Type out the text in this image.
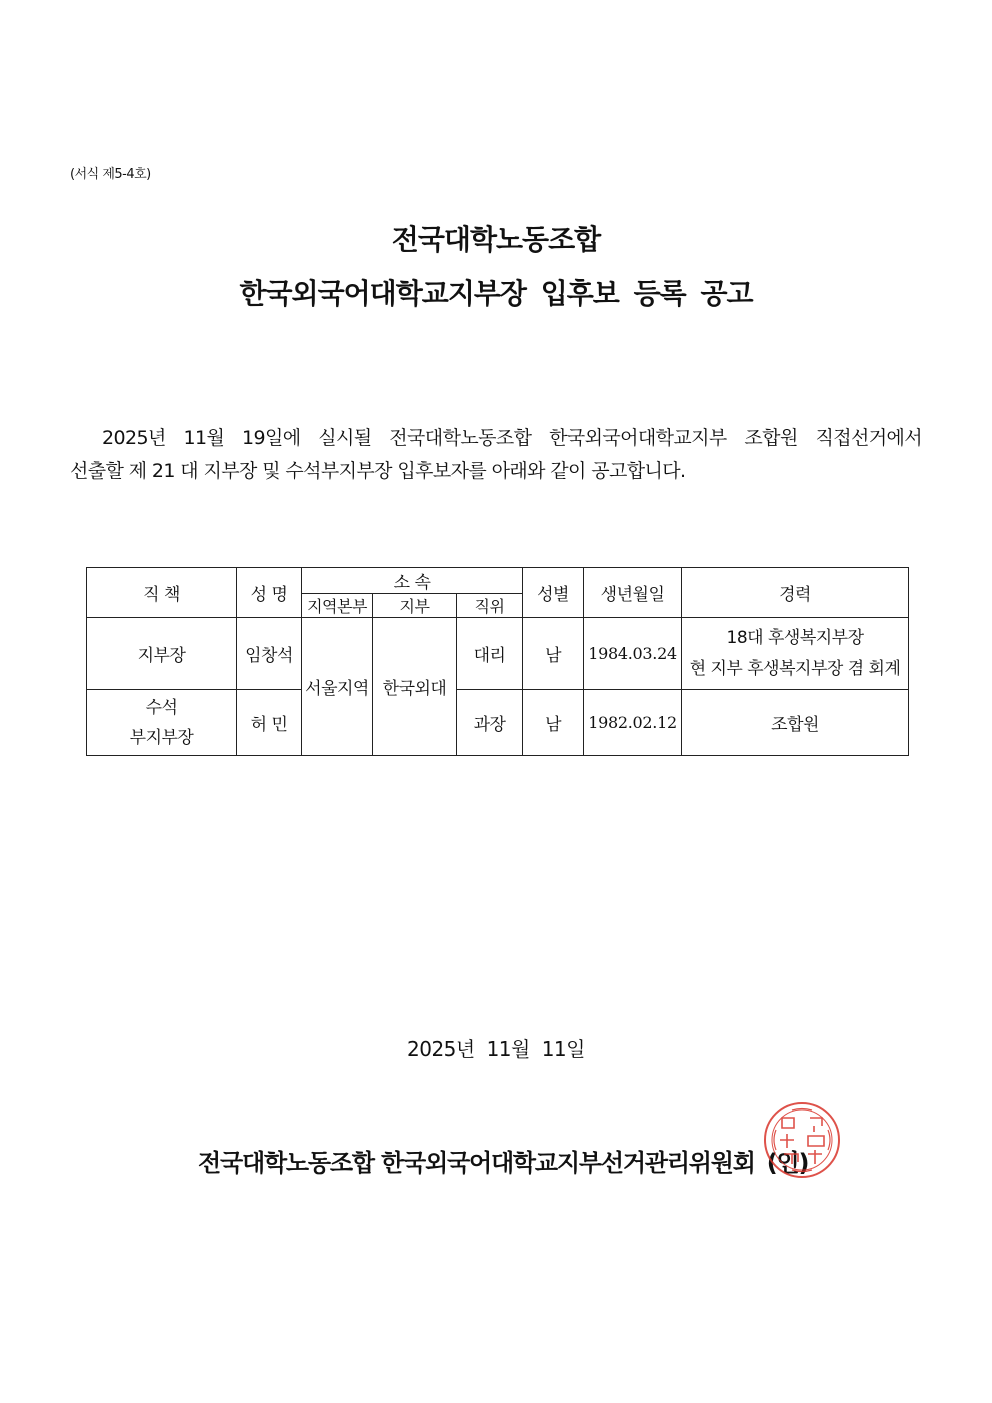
(서식 제5-4호)
전국대학노동조합
한국외국어대학교지부장 입후보 등록 공고

2025년 11월 19일에 실시될 전국대학노동조합 한국외국어대학교지부 조합원 직접선거에서

선출할 제 21 대 지부장 및 수석부지부장 입후보자를 아래와 같이 공고합니다.

직 책	성 명	소 속			성별	생년월일	경력
		지역본부	지부	직위			
지부장	임창석	서울지역	한국외대	대리	남	1984.03.24	18대 후생복지부장
현 지부 후생복지부장 겸 회계

수석
부지부장	허 민			과장	남	1982.02.12	조합원
2025년 11월 11일
전국대학노동조합 한국외국어대학교지부선거관리위원회 (인)
